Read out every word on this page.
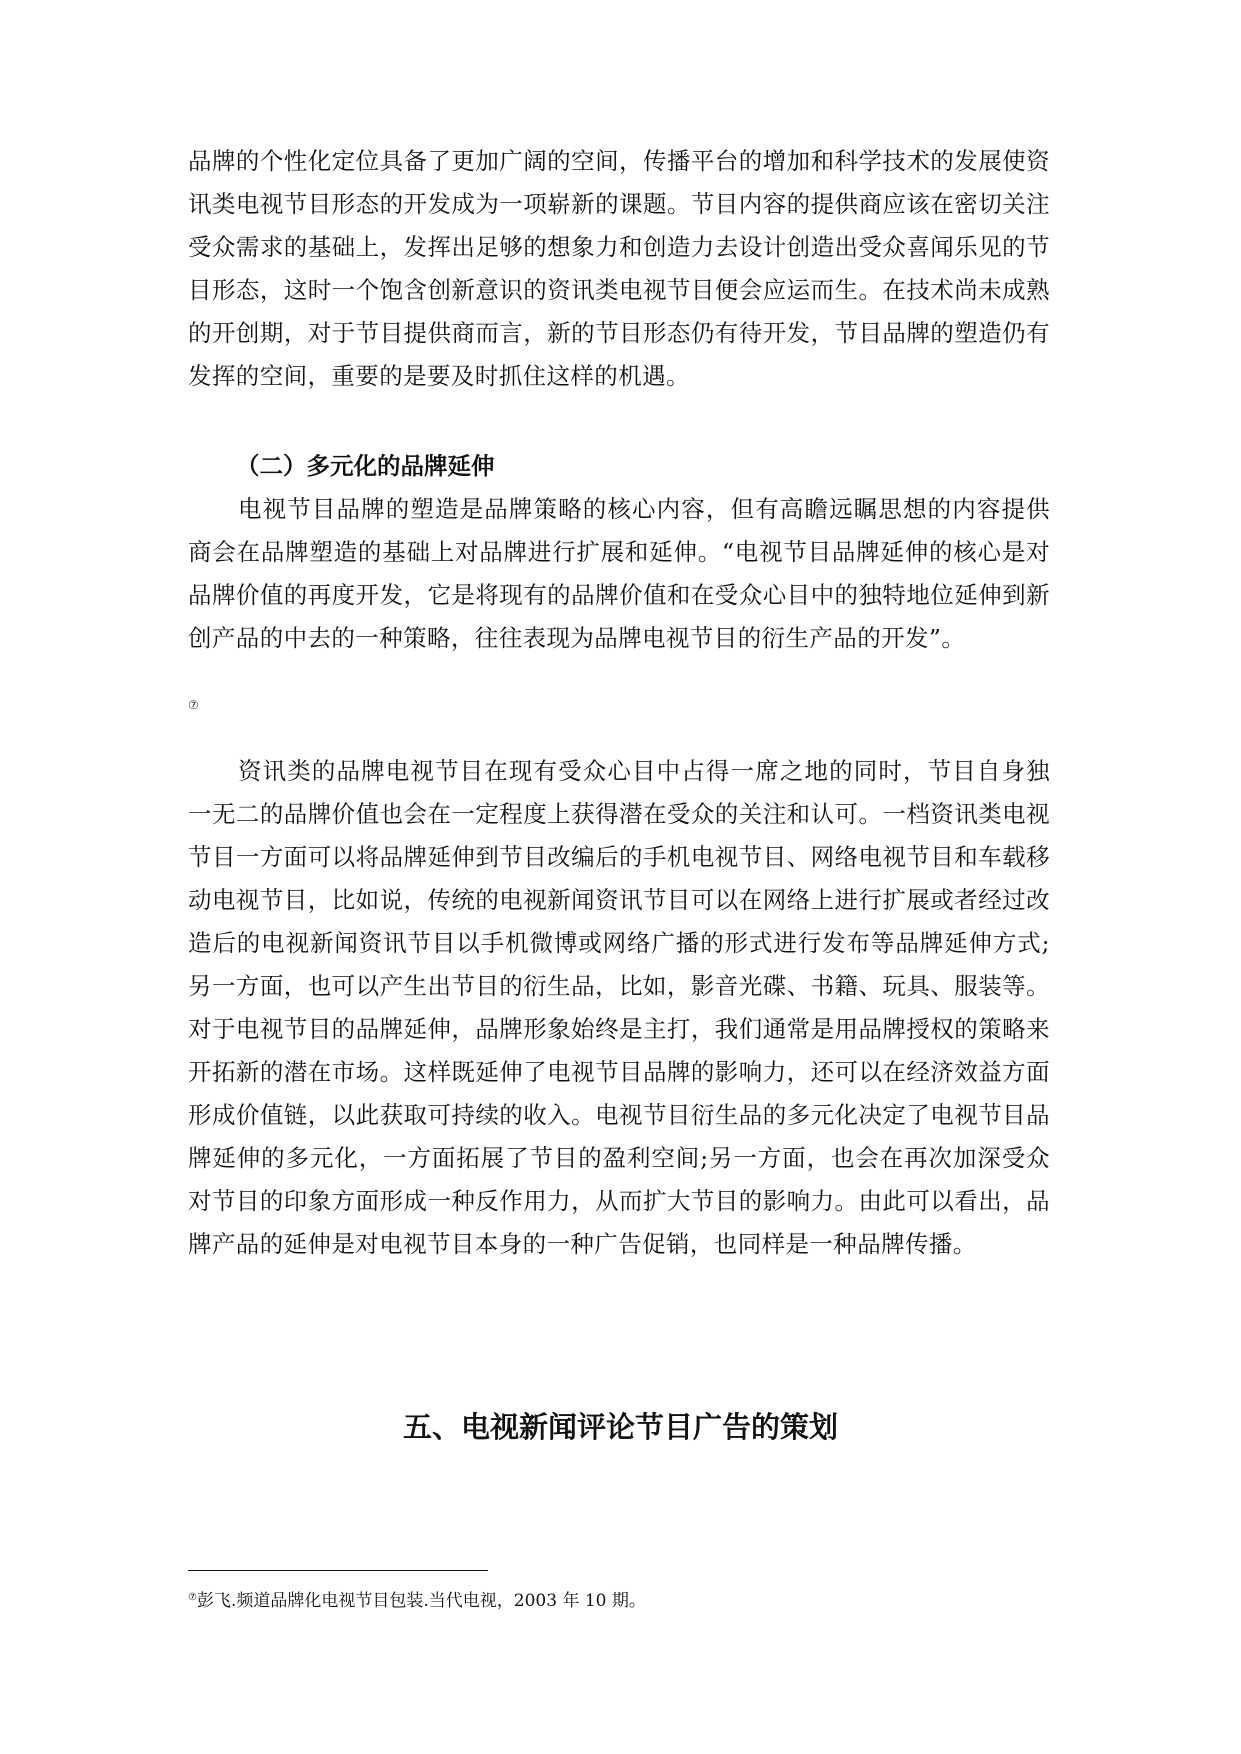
品牌的个性化定位具备了更加广阔的空间，传播平台的增加和科学技术的发展使资讯类电视节目形态的开发成为一项崭新的课题。节目内容的提供商应该在密切关注受众需求的基础上，发挥出足够的想象力和创造力去设计创造出受众喜闻乐见的节目形态，这时一个饱含创新意识的资讯类电视节目便会应运而生。在技术尚未成熟的开创期，对于节目提供商而言，新的节目形态仍有待开发，节目品牌的塑造仍有发挥的空间，重要的是要及时抓住这样的机遇。

（二）多元化的品牌延伸

电视节目品牌的塑造是品牌策略的核心内容，但有高瞻远瞩思想的内容提供商会在品牌塑造的基础上对品牌进行扩展和延伸。“电视节目品牌延伸的核心是对品牌价值的再度开发，它是将现有的品牌价值和在受众心目中的独特地位延伸到新创产品的中去的一种策略，往往表现为品牌电视节目的衍生产品的开发”。

⑦

资讯类的品牌电视节目在现有受众心目中占得一席之地的同时，节目自身独一无二的品牌价值也会在一定程度上获得潜在受众的关注和认可。一档资讯类电视节目一方面可以将品牌延伸到节目改编后的手机电视节目、网络电视节目和车载移动电视节目，比如说，传统的电视新闻资讯节目可以在网络上进行扩展或者经过改造后的电视新闻资讯节目以手机微博或网络广播的形式进行发布等品牌延伸方式;另一方面，也可以产生出节目的衍生品，比如，影音光碟、书籍、玩具、服装等。对于电视节目的品牌延伸，品牌形象始终是主打，我们通常是用品牌授权的策略来开拓新的潜在市场。这样既延伸了电视节目品牌的影响力，还可以在经济效益方面形成价值链，以此获取可持续的收入。电视节目衍生品的多元化决定了电视节目品牌延伸的多元化，一方面拓展了节目的盈利空间;另一方面，也会在再次加深受众对节目的印象方面形成一种反作用力，从而扩大节目的影响力。由此可以看出，品牌产品的延伸是对电视节目本身的一种广告促销，也同样是一种品牌传播。

五、电视新闻评论节目广告的策划

⑦彭飞.频道品牌化电视节目包装.当代电视，2003 年 10 期。
